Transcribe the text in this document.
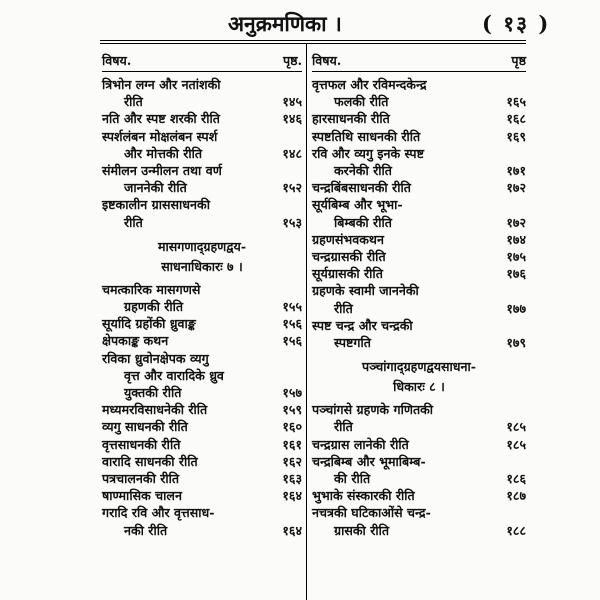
अनुक्रमणिका ।	( १३ )
विषय.	पृष्ठ.
त्रिभोन लग्न और नतांशकी
रीति	१४५
नति और स्पष्ट शरकी रीति	१४६
स्पर्शलंबन मोक्षलंबन स्पर्श
और मोत्तकी रीति	१४८
संमीलन उन्मीलन तथा वर्ण
जाननेकी रीति	१५२
इष्टकालीन ग्राससाधनकी
रीति	१५३
मासगणाद्ग्रहणद्वय-
साधनाधिकारः ७ ।
चमत्कारिक मासगणसे
ग्रहणकी रीति	१५५
सूर्यादि ग्रहोंकी ध्रुवाङ्क	१५६
क्षेपकाङ्क कथन	१५६
रविका ध्रुवोनक्षेपक व्यगु
वृत्त और वारादिके ध्रुव
युक्तकी रीति	१५७
मध्यमरविसाधनेकी रीति	१५९
व्यगु साधनकी रीति	१६०
वृत्तसाधनकी रीति	१६१
वारादि साधनकी रीति	१६२
पत्रचालनकी रीति	१६३
षाण्मासिक चालन	१६४
गरादि रवि और वृत्तसाध-
नकी रीति	१६४
विषय.	पृष्ठ
वृत्तफल और रविमन्दकेन्द्र
फलकी रीति	१६५
हारसाधनकी रीति	१६८
स्पष्टतिथि साधनकी रीति	१६९
रवि और व्यगु इनके स्पष्ट
करनेकी रीति	१७१
चन्द्रबिंबसाधनकी रीति	१७२
सूर्यबिम्ब और भूभा-
बिम्बकी रीति	१७२
ग्रहणसंभवकथन	१७४
चन्द्रग्रासकी रीति	१७५
सूर्यग्रासकी रीति	१७६
ग्रहणके स्वामी जाननेकी
रीति	१७७
स्पष्ट चन्द्र और चन्द्रकी
स्पष्टगति	१७९
पञ्चांगाद्ग्रहणद्वयसाधना-
धिकारः ८ ।
पञ्चांगसे ग्रहणके गणितकी
रीति	१८५
चन्द्रग्रास लानेकी रीति	१८५
चन्द्रबिम्ब और भूमाबिम्ब-
की रीति	१८६
भुभाके संस्कारकी रीति	१८७
नचत्रकी घटिकाओंसे चन्द्र-
ग्रासकी रीति	१८८
